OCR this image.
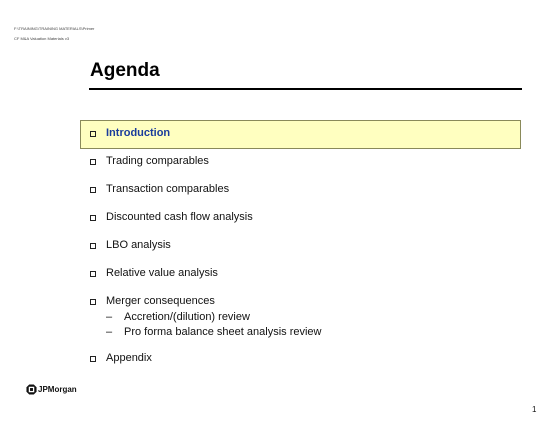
F:\TRAINING\TRAINING MATERIALS\Primer

CF M&A Valuation Materials v3

Agenda
Introduction
Trading comparables
Transaction comparables
Discounted cash flow analysis
LBO analysis
Relative value analysis
Merger consequences
– Accretion/(dilution) review
– Pro forma balance sheet analysis review
Appendix
JPMorgan
1
